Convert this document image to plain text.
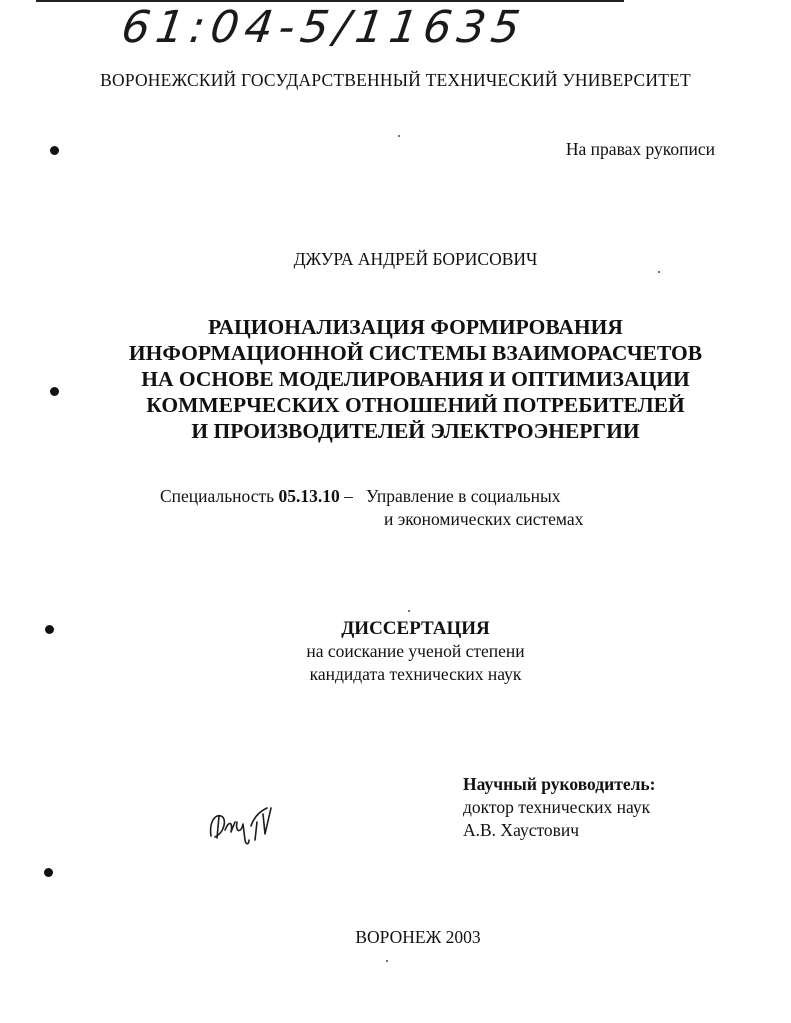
61:04-5/11635
ВОРОНЕЖСКИЙ ГОСУДАРСТВЕННЫЙ ТЕХНИЧЕСКИЙ УНИВЕРСИТЕТ
На правах рукописи
ДЖУРА АНДРЕЙ БОРИСОВИЧ
РАЦИОНАЛИЗАЦИЯ ФОРМИРОВАНИЯ
ИНФОРМАЦИОННОЙ СИСТЕМЫ ВЗАИМОРАСЧЕТОВ
НА ОСНОВЕ МОДЕЛИРОВАНИЯ И ОПТИМИЗАЦИИ
КОММЕРЧЕСКИХ ОТНОШЕНИЙ ПОТРЕБИТЕЛЕЙ
И ПРОИЗВОДИТЕЛЕЙ ЭЛЕКТРОЭНЕРГИИ
Специальность 05.13.10 – Управление в социальных
и экономических системах
ДИССЕРТАЦИЯ
на соискание ученой степени
кандидата технических наук
Научный руководитель:
доктор технических наук
А.В. Хаустович
ВОРОНЕЖ 2003
